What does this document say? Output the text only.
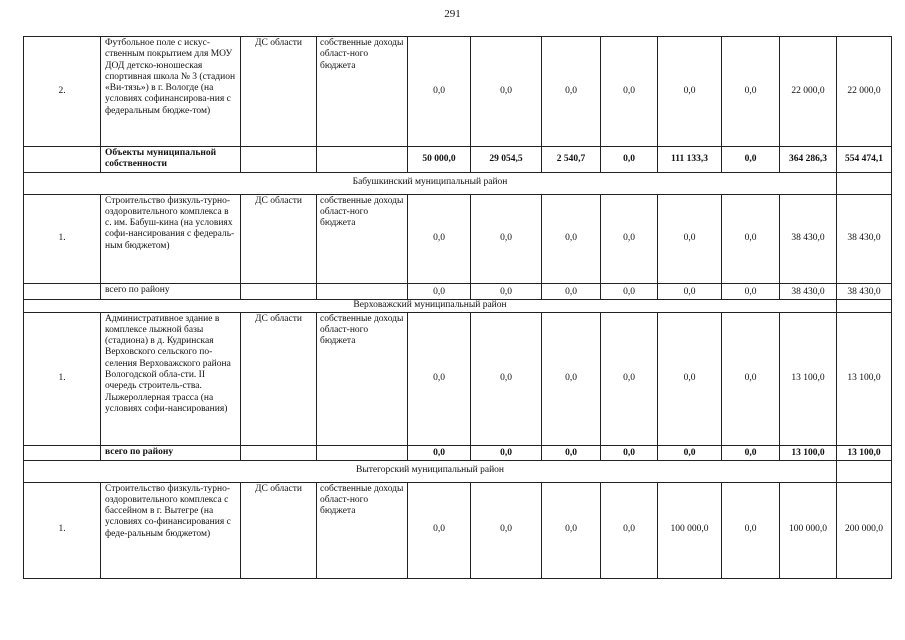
291
2.	Футбольное поле с искус-ственным покрытием для МОУ ДОД детско-юношеская спортивная школа № 3 (стадион «Ви-тязь») в г. Вологде (на условиях софинансирова-ния с федеральным бюдже-том)	ДС области	собственные доходы област-ного бюджета	0,0	0,0	0,0	0,0	0,0	0,0	22 000,0	22 000,0
	Объекты муниципальной собственности			50 000,0	29 054,5	2 540,7	0,0	111 133,3	0,0	364 286,3	554 474,1
Бабушкинский муниципальный район											
1.	Строительство физкуль-турно-оздоровительного комплекса в с. им. Бабуш-кина (на условиях софи-нансирования с федераль-ным бюджетом)	ДС области	собственные доходы област-ного бюджета	0,0	0,0	0,0	0,0	0,0	0,0	38 430,0	38 430,0
	всего по району			0,0	0,0	0,0	0,0	0,0	0,0	38 430,0	38 430,0
Верховажский муниципальный район											
1.	Административное здание в комплексе лыжной базы (стадиона) в д. Кудринская Верховского сельского по-селения Верховажского района Вологодской обла-сти. II очередь строитель-ства. Лыжероллерная трасса (на условиях софи-нансирования)	ДС области	собственные доходы област-ного бюджета	0,0	0,0	0,0	0,0	0,0	0,0	13 100,0	13 100,0
	всего по району			0,0	0,0	0,0	0,0	0,0	0,0	13 100,0	13 100,0
Вытегорский муниципальный район											
1.	Строительство физкуль-турно-оздоровительного комплекса с бассейном в г. Вытегре (на условиях со-финансирования с феде-ральным бюджетом)	ДС области	собственные доходы област-ного бюджета	0,0	0,0	0,0	0,0	100 000,0	0,0	100 000,0	200 000,0
